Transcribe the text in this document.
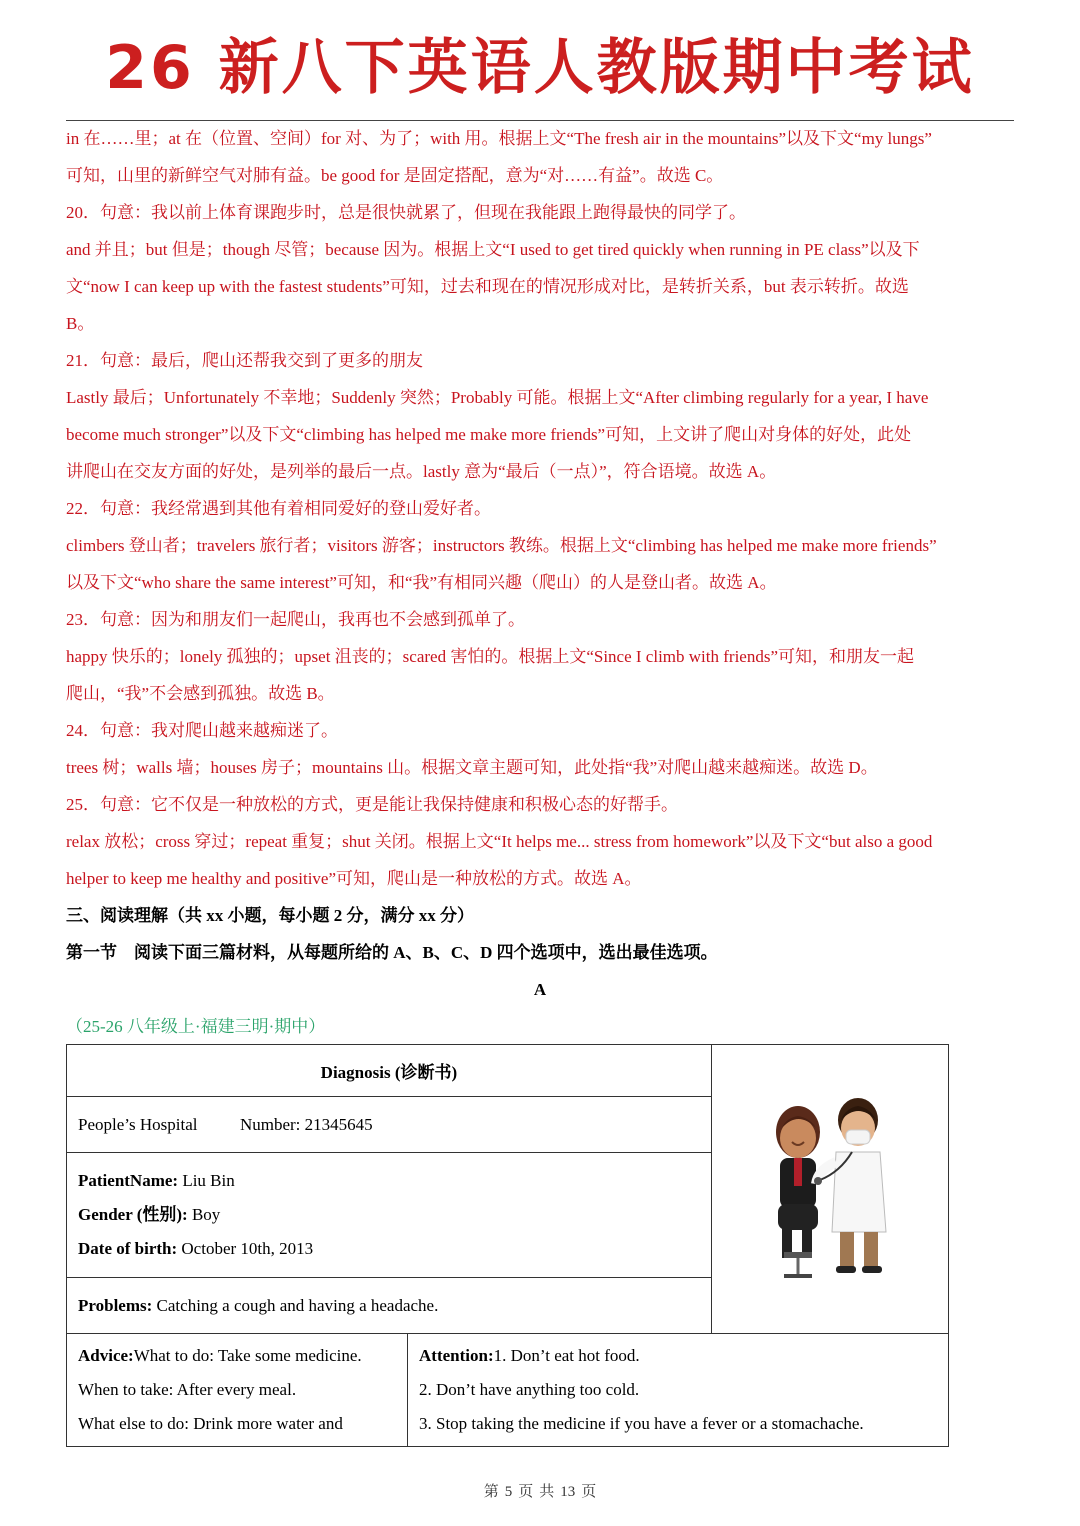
26 新八下英语人教版期中考试
in 在……里；at 在（位置、空间）for 对、为了；with 用。根据上文“The fresh air in the mountains”以及下文“my lungs”
可知，山里的新鲜空气对肺有益。be good for 是固定搭配，意为“对……有益”。故选 C。
20．句意：我以前上体育课跑步时，总是很快就累了，但现在我能跟上跑得最快的同学了。
and 并且；but 但是；though 尽管；because 因为。根据上文“I used to get tired quickly when running in PE class”以及下
文“now I can keep up with the fastest students”可知，过去和现在的情况形成对比，是转折关系，but 表示转折。故选
B。
21．句意：最后，爬山还帮我交到了更多的朋友
Lastly 最后；Unfortunately 不幸地；Suddenly 突然；Probably 可能。根据上文“After climbing regularly for a year, I have
become much stronger”以及下文“climbing has helped me make more friends”可知，上文讲了爬山对身体的好处，此处
讲爬山在交友方面的好处，是列举的最后一点。lastly 意为“最后（一点）”，符合语境。故选 A。
22．句意：我经常遇到其他有着相同爱好的登山爱好者。
climbers 登山者；travelers 旅行者；visitors 游客；instructors 教练。根据上文“climbing has helped me make more friends”
以及下文“who share the same interest”可知，和“我”有相同兴趣（爬山）的人是登山者。故选 A。
23．句意：因为和朋友们一起爬山，我再也不会感到孤单了。
happy 快乐的；lonely 孤独的；upset 沮丧的；scared 害怕的。根据上文“Since I climb with friends”可知，和朋友一起
爬山，“我”不会感到孤独。故选 B。
24．句意：我对爬山越来越痴迷了。
trees 树；walls 墙；houses 房子；mountains 山。根据文章主题可知，此处指“我”对爬山越来越痴迷。故选 D。
25．句意：它不仅是一种放松的方式，更是能让我保持健康和积极心态的好帮手。
relax 放松；cross 穿过；repeat 重复；shut 关闭。根据上文“It helps me... stress from homework”以及下文“but also a good
helper to keep me healthy and positive”可知，爬山是一种放松的方式。故选 A。
三、阅读理解（共 xx 小题，每小题 2 分，满分 xx 分）
第一节　阅读下面三篇材料，从每题所给的 A、B、C、D 四个选项中，选出最佳选项。
A
（25-26 八年级上·福建三明·期中）
Diagnosis (诊断书)	
People’s Hospital	Number: 21345645

PatientName: Liu Bin
Gender (性别): Boy
Date of birth: October 10th, 2013

Problems: Catching a cough and having a headache.
Advice:What to do: Take some medicine.
When to take: After every meal.
What else to do: Drink more water and

Attention:1. Don’t eat hot food.
2. Don’t have anything too cold.
3. Stop taking the medicine if you have a fever or a stomachache.
第 5 页 共 13 页
